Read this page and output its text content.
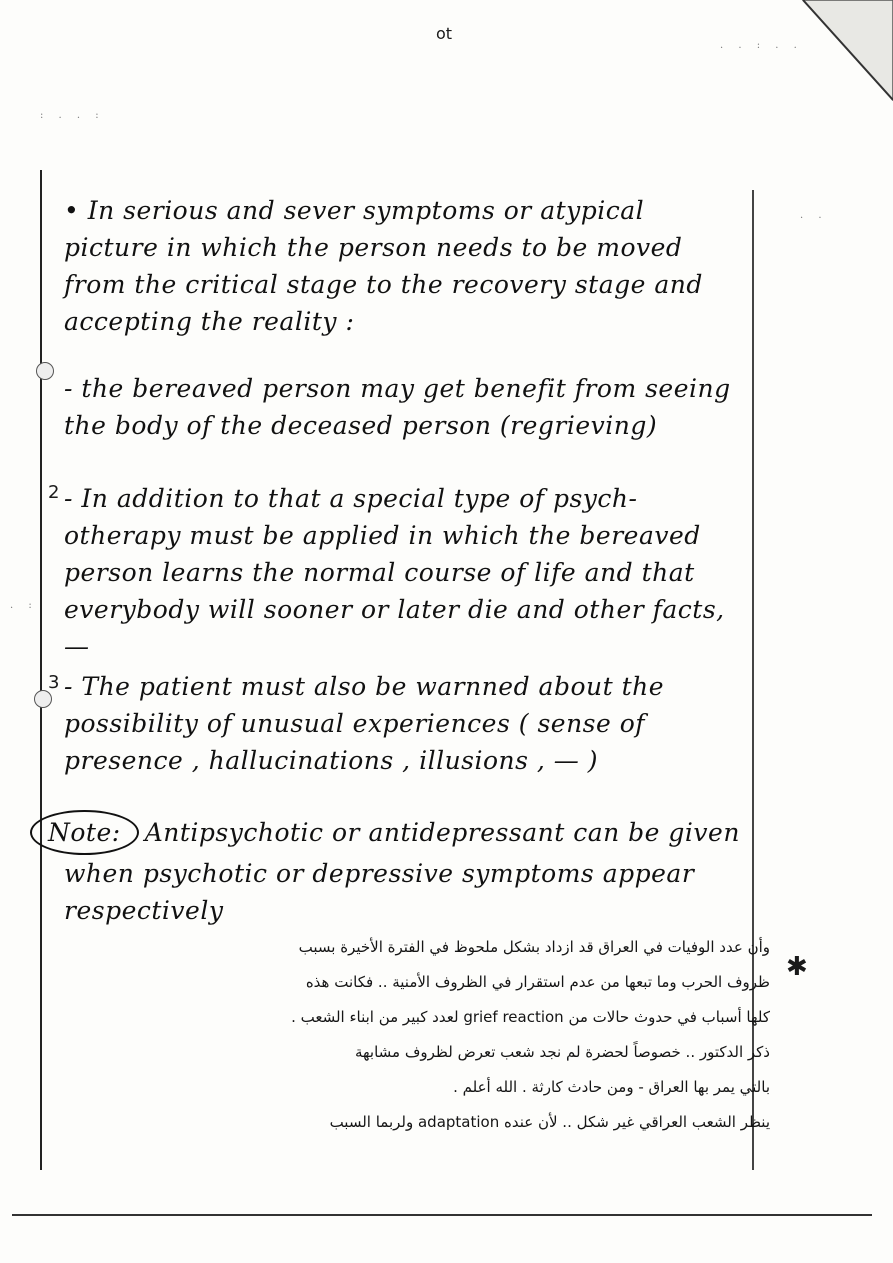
ot
. . : . .
: . . :
. .
. :
• In serious and sever symptoms or atypical picture in which the person needs to be moved from the critical stage to the recovery stage and accepting the reality :
- the bereaved person may get benefit from seeing the body of the deceased person (regrieving)
2 - In addition to that a special type of psych-otherapy must be applied in which the bereaved person learns the normal course of life and that everybody will sooner or later die and other facts, —
3 - The patient must also be warnned about the possibility of unusual experiences ( sense of presence , hallucinations , illusions , — )
Note: Antipsychotic or antidepressant can be given when psychotic or depressive symptoms appear respectively
✱
وأن عدد الوفيات في العراق قد ازداد بشكل ملحوظ في الفترة الأخيرة بسبب
ظروف الحرب وما تبعها من عدم استقرار في الظروف الأمنية .. فكانت هذه
كلها أسباب في حدوث حالات من grief reaction لعدد كبير من ابناء الشعب .
ذكر الدكتور .. خصوصاً لحضرة لم نجد شعب تعرض لظروف مشابهة
بالتي يمر بها العراق - ومن حادث كارثة . الله أعلم .
ينظر الشعب العراقي غير شكل .. لأن عنده adaptation ولربما السبب
